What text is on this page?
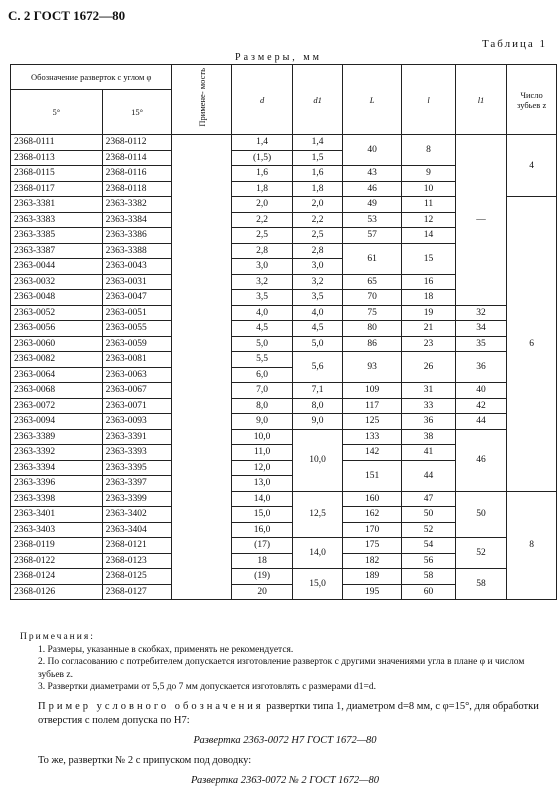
С. 2 ГОСТ 1672—80
Таблица 1
Размеры, мм
Обозначение разверток с углом φ		Примене- мость	d	d1	L	l	l1	Число зубьев z
5°	15°							
2368-0111	2368-0112		1,4	1,4	40	8	—	4
2368-0113	2368-0114		(1,5)	1,5				
2368-0115	2368-0116		1,6	1,6	43	9		
2368-0117	2368-0118		1,8	1,8	46	10		
2363-3381	2363-3382		2,0	2,0	49	11		6
2363-3383	2363-3384		2,2	2,2	53	12		
2363-3385	2363-3386		2,5	2,5	57	14		
2363-3387	2363-3388		2,8	2,8	61	15		
2363-0044	2363-0043		3,0	3,0				
2363-0032	2363-0031		3,2	3,2	65	16		
2363-0048	2363-0047		3,5	3,5	70	18		
2363-0052	2363-0051		4,0	4,0	75	19	32	
2363-0056	2363-0055		4,5	4,5	80	21	34	
2363-0060	2363-0059		5,0	5,0	86	23	35	
2363-0082	2363-0081		5,5	5,6	93	26	36	
2363-0064	2363-0063		6,0					
2363-0068	2363-0067		7,0	7,1	109	31	40	
2363-0072	2363-0071		8,0	8,0	117	33	42	
2363-0094	2363-0093		9,0	9,0	125	36	44	
2363-3389	2363-3391		10,0	10,0	133	38	46	
2363-3392	2363-3393		11,0		142	41		
2363-3394	2363-3395		12,0		151	44		
2363-3396	2363-3397		13,0					
2363-3398	2363-3399		14,0	12,5	160	47	50	8
2363-3401	2363-3402		15,0		162	50		
2363-3403	2363-3404		16,0		170	52		
2368-0119	2368-0121		(17)	14,0	175	54	52	
2368-0122	2368-0123		18		182	56		
2368-0124	2368-0125		(19)	15,0	189	58	58	
2368-0126	2368-0127		20		195	60		

Примечания:

1. Размеры, указанные в скобках, применять не рекомендуется.

2. По согласованию с потребителем допускается изготовление разверток с другими значениями угла в плане φ и числом зубьев z.

3. Развертки диаметрами от 5,5 до 7 мм допускается изготовлять с размерами d1=d.

Пример условного обозначения развертки типа 1, диаметром d=8 мм, с φ=15°, для обработки отверстия с полем допуска по Н7:

Развертка 2363-0072 Н7 ГОСТ 1672—80

То же, развертки № 2 с припуском под доводку:

Развертка 2363-0072 № 2 ГОСТ 1672—80
